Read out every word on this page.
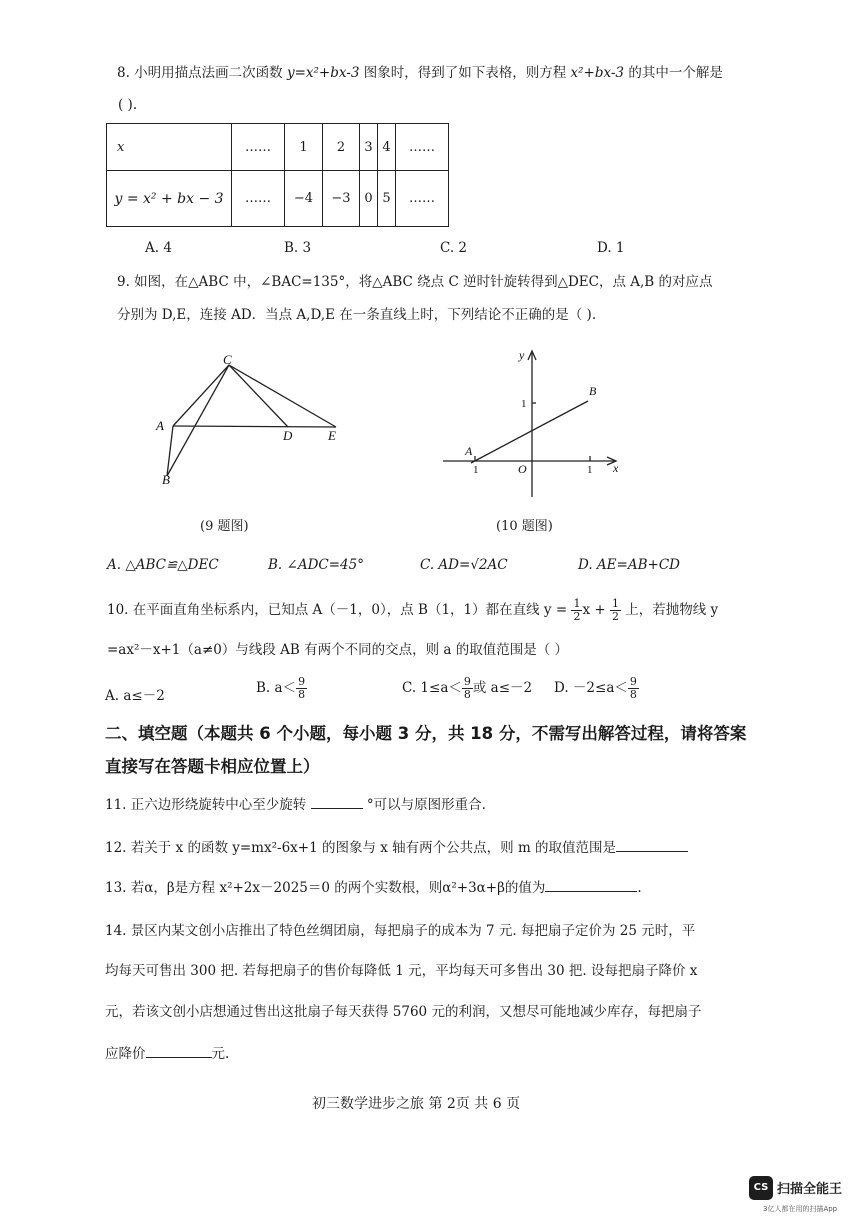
8. 小明用描点法画二次函数 y=x²+bx-3 图象时，得到了如下表格，则方程 x²+bx-3 的其中一个解是
( ).
x	……	1	2	3	4	……
y = x² + bx − 3	……	−4	−3	0	5	……
A. 4	B. 3	C. 2	D. 1
9. 如图，在△ABC 中，∠BAC=135°，将△ABC 绕点 C 逆时针旋转得到△DEC，点 A,B 的对应点
分别为 D,E，连接 AD．当点 A,D,E 在一条直线上时，下列结论不正确的是（ ).
C
A
D	E
B
(9 题图)
y
x
O
A
B
1
1
1
(10 题图)
A. △ABC≌△DEC	B. ∠ADC=45°	C. AD=√2AC	D. AE=AB+CD
10. 在平面直角坐标系内，已知点 A（－1，0），点 B（1，1）都在直线 $y = \frac{1}{2}$ $x + \frac{1}{2}$ 上，若抛物线 y
=ax²－x+1（a≠0）与线段 AB 有两个不同的交点，则 a 的取值范围是（ ）
A. a≤－2	B. $a< \frac{9}{8}$	C. $1\le a< \frac{9}{8}$ 或 a≤－2 D. $-2\le a< \frac{9}{8}$
二、填空题（本题共 6 个小题，每小题 3 分，共 18 分，不需写出解答过程，请将答案
直接写在答题卡相应位置上）
11. 正六边形绕旋转中心至少旋转	°可以与原图形重合.
12. 若关于 x 的函数 y=mx²-6x+1 的图象与 x 轴有两个公共点，则 m 的取值范围是
13. 若α，β是方程 x²+2x－2025＝0 的两个实数根，则α²+3α+β的值为	.
14. 景区内某文创小店推出了特色丝绸团扇，每把扇子的成本为 7 元. 每把扇子定价为 25 元时，平
均每天可售出 300 把. 若每把扇子的售价每降低 1 元，平均每天可多售出 30 把. 设每把扇子降价 x
元，若该文创小店想通过售出这批扇子每天获得 5760 元的利润，又想尽可能地减少库存，每把扇子
应降价	元.
初三数学进步之旅 第 2页 共 6 页
CS 扫描全能王
3亿人都在用的扫描App
